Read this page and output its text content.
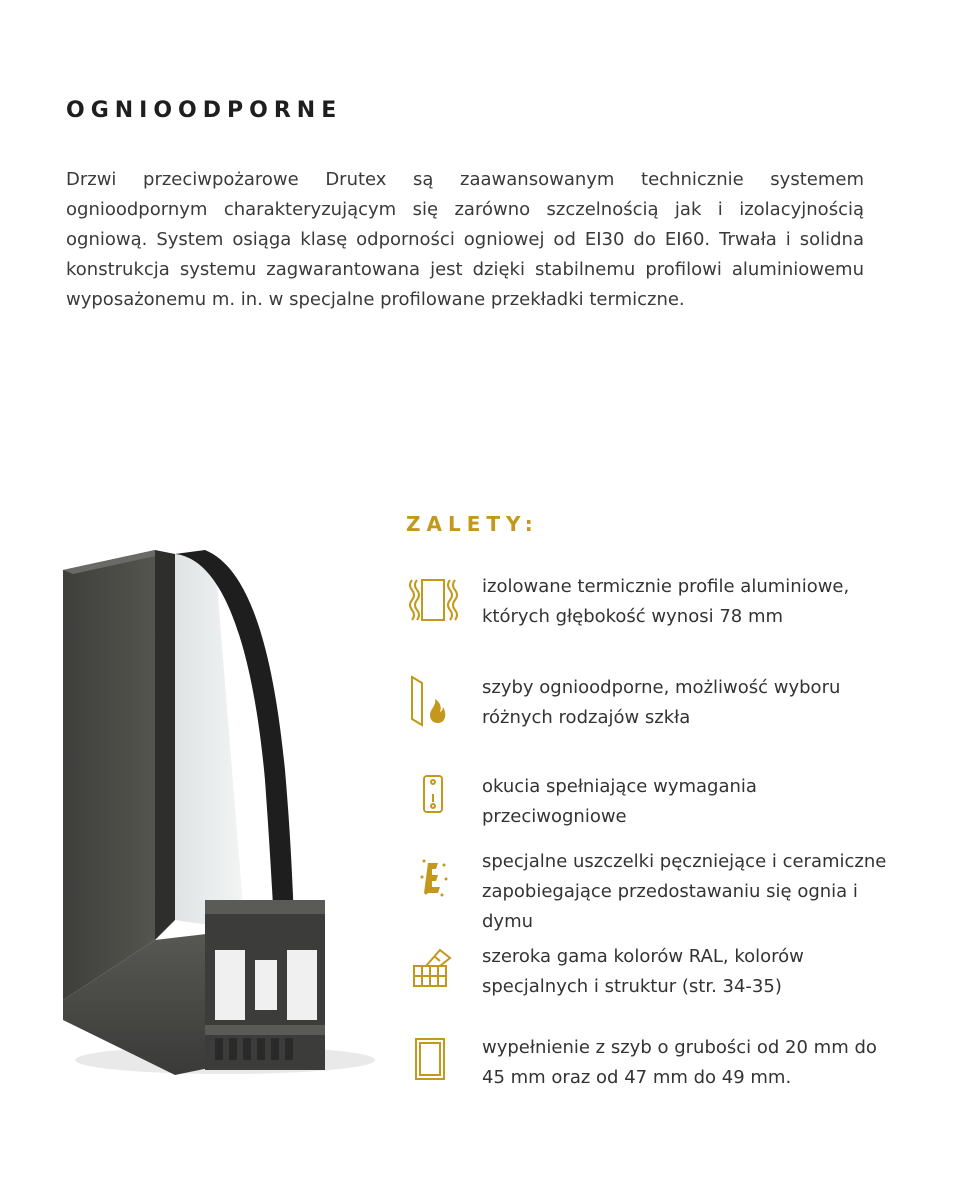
OGNIOODPORNE

Drzwi przeciwpożarowe Drutex są zaawansowanym technicznie systemem ognioodpornym charakteryzującym się zarówno szczelnością jak i izolacyjnością ogniową. System osiąga klasę odporności ogniowej od EI30 do EI60. Trwała i solidna konstrukcja systemu zagwarantowana jest dzięki stabilnemu profilowi aluminiowemu wyposażonemu m. in. w specjalne profilowane przekładki termiczne.

ZALETY:

izolowane termicznie profile aluminiowe, których głębokość wynosi 78 mm

szyby ognioodporne, możliwość wyboru różnych rodzajów szkła

okucia spełniające wymagania przeciwogniowe

specjalne uszczelki pęczniejące i ceramiczne zapobiegające przedostawaniu się ognia i dymu

szeroka gama kolorów RAL, kolorów specjalnych i struktur (str. 34-35)

wypełnienie z szyb o grubości od 20 mm do 45 mm oraz od 47 mm do 49 mm.
